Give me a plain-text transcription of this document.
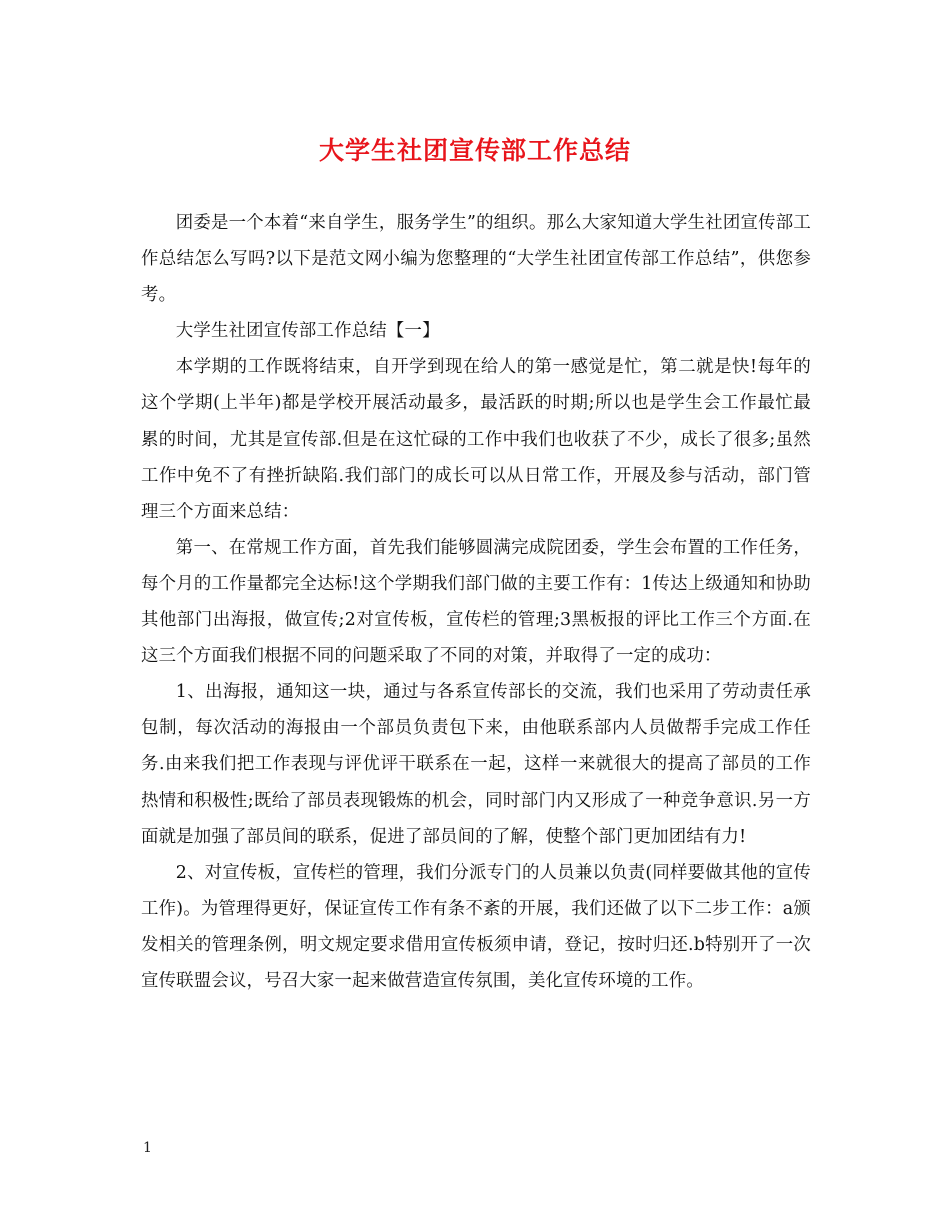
大学生社团宣传部工作总结

团委是一个本着“来自学生，服务学生”的组织。那么大家知道大学生社团宣传部工作总结怎么写吗?以下是范文网小编为您整理的“大学生社团宣传部工作总结”，供您参考。

大学生社团宣传部工作总结【一】

本学期的工作既将结束，自开学到现在给人的第一感觉是忙，第二就是快!每年的这个学期(上半年)都是学校开展活动最多，最活跃的时期;所以也是学生会工作最忙最累的时间，尤其是宣传部.但是在这忙碌的工作中我们也收获了不少，成长了很多;虽然工作中免不了有挫折缺陷.我们部门的成长可以从日常工作，开展及参与活动，部门管理三个方面来总结：

第一、在常规工作方面，首先我们能够圆满完成院团委，学生会布置的工作任务，每个月的工作量都完全达标!这个学期我们部门做的主要工作有：1传达上级通知和协助其他部门出海报，做宣传;2对宣传板，宣传栏的管理;3黑板报的评比工作三个方面.在这三个方面我们根据不同的问题采取了不同的对策，并取得了一定的成功：

1、出海报，通知这一块，通过与各系宣传部长的交流，我们也采用了劳动责任承包制，每次活动的海报由一个部员负责包下来，由他联系部内人员做帮手完成工作任务.由来我们把工作表现与评优评干联系在一起，这样一来就很大的提高了部员的工作热情和积极性;既给了部员表现锻炼的机会，同时部门内又形成了一种竞争意识.另一方面就是加强了部员间的联系，促进了部员间的了解，使整个部门更加团结有力!

2、对宣传板，宣传栏的管理，我们分派专门的人员兼以负责(同样要做其他的宣传工作)。为管理得更好，保证宣传工作有条不紊的开展，我们还做了以下二步工作：a颁发相关的管理条例，明文规定要求借用宣传板须申请，登记，按时归还.b特别开了一次宣传联盟会议，号召大家一起来做营造宣传氛围，美化宣传环境的工作。

1
